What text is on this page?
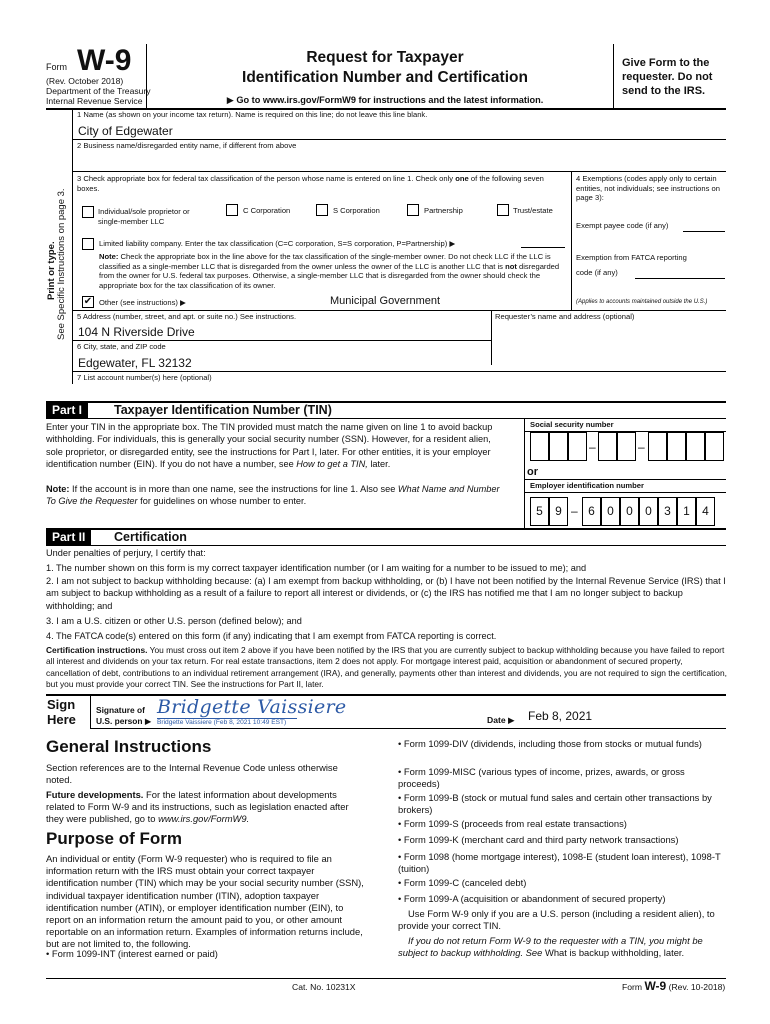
Form W-9
(Rev. October 2018)
Department of the Treasury
Internal Revenue Service
Request for Taxpayer
Identification Number and Certification
▶ Go to www.irs.gov/FormW9 for instructions and the latest information.
Give Form to the requester. Do not send to the IRS.
Print or type. See Specific Instructions on page 3.
1 Name (as shown on your income tax return). Name is required on this line; do not leave this line blank.
City of Edgewater
2 Business name/disregarded entity name, if different from above
3 Check appropriate box for federal tax classification of the person whose name is entered on line 1. Check only one of the following seven boxes.
Individual/sole proprietor or single-member LLC
C Corporation	S Corporation	Partnership	Trust/estate
Limited liability company. Enter the tax classification (C=C corporation, S=S corporation, P=Partnership) ▶
Note: Check the appropriate box in the line above for the tax classification of the single-member owner. Do not check LLC if the LLC is classified as a single-member LLC that is disregarded from the owner unless the owner of the LLC is another LLC that is not disregarded from the owner for U.S. federal tax purposes. Otherwise, a single-member LLC that is disregarded from the owner should check the appropriate box for the tax classification of its owner.
✔ Other (see instructions) ▶	Municipal Government
4 Exemptions (codes apply only to certain entities, not individuals; see instructions on page 3):
Exempt payee code (if any)
Exemption from FATCA reporting
code (if any)
(Applies to accounts maintained outside the U.S.)
5 Address (number, street, and apt. or suite no.) See instructions.	Requester’s name and address (optional)
104 N Riverside Drive
6 City, state, and ZIP code
Edgewater, FL 32132
7 List account number(s) here (optional)
Part I	Taxpayer Identification Number (TIN)
Enter your TIN in the appropriate box. The TIN provided must match the name given on line 1 to avoid backup withholding. For individuals, this is generally your social security number (SSN). However, for a resident alien, sole proprietor, or disregarded entity, see the instructions for Part I, later. For other entities, it is your employer identification number (EIN). If you do not have a number, see How to get a TIN, later.
Note: If the account is in more than one name, see the instructions for line 1. Also see What Name and Number To Give the Requester for guidelines on whose number to enter.
Social security number
–	–
or
Employer identification number
5	9 – 6	0	0	0	3	1	4
Part II	Certification
Under penalties of perjury, I certify that:
1. The number shown on this form is my correct taxpayer identification number (or I am waiting for a number to be issued to me); and
2. I am not subject to backup withholding because: (a) I am exempt from backup withholding, or (b) I have not been notified by the Internal Revenue Service (IRS) that I am subject to backup withholding as a result of a failure to report all interest or dividends, or (c) the IRS has notified me that I am no longer subject to backup withholding; and
3. I am a U.S. citizen or other U.S. person (defined below); and
4. The FATCA code(s) entered on this form (if any) indicating that I am exempt from FATCA reporting is correct.
Certification instructions. You must cross out item 2 above if you have been notified by the IRS that you are currently subject to backup withholding because you have failed to report all interest and dividends on your tax return. For real estate transactions, item 2 does not apply. For mortgage interest paid, acquisition or abandonment of secured property, cancellation of debt, contributions to an individual retirement arrangement (IRA), and generally, payments other than interest and dividends, you are not required to sign the certification, but you must provide your correct TIN. See the instructions for Part II, later.
Sign
Here
Signature of
U.S. person ▶
Bridgette Vaissiere
Bridgette Vaissiere (Feb 8, 2021 10:49 EST)	Date ▶ Feb 8, 2021
General Instructions
Section references are to the Internal Revenue Code unless otherwise noted.
Future developments. For the latest information about developments related to Form W-9 and its instructions, such as legislation enacted after they were published, go to www.irs.gov/FormW9.
Purpose of Form
An individual or entity (Form W-9 requester) who is required to file an information return with the IRS must obtain your correct taxpayer identification number (TIN) which may be your social security number (SSN), individual taxpayer identification number (ITIN), adoption taxpayer identification number (ATIN), or employer identification number (EIN), to report on an information return the amount paid to you, or other amount reportable on an information return. Examples of information returns include, but are not limited to, the following.
• Form 1099-INT (interest earned or paid)
• Form 1099-DIV (dividends, including those from stocks or mutual funds)
• Form 1099-MISC (various types of income, prizes, awards, or gross proceeds)
• Form 1099-B (stock or mutual fund sales and certain other transactions by brokers)
• Form 1099-S (proceeds from real estate transactions)
• Form 1099-K (merchant card and third party network transactions)
• Form 1098 (home mortgage interest), 1098-E (student loan interest), 1098-T (tuition)
• Form 1099-C (canceled debt)
• Form 1099-A (acquisition or abandonment of secured property)
Use Form W-9 only if you are a U.S. person (including a resident alien), to provide your correct TIN.
If you do not return Form W-9 to the requester with a TIN, you might be subject to backup withholding. See What is backup withholding, later.
Cat. No. 10231X	Form W-9 (Rev. 10-2018)
